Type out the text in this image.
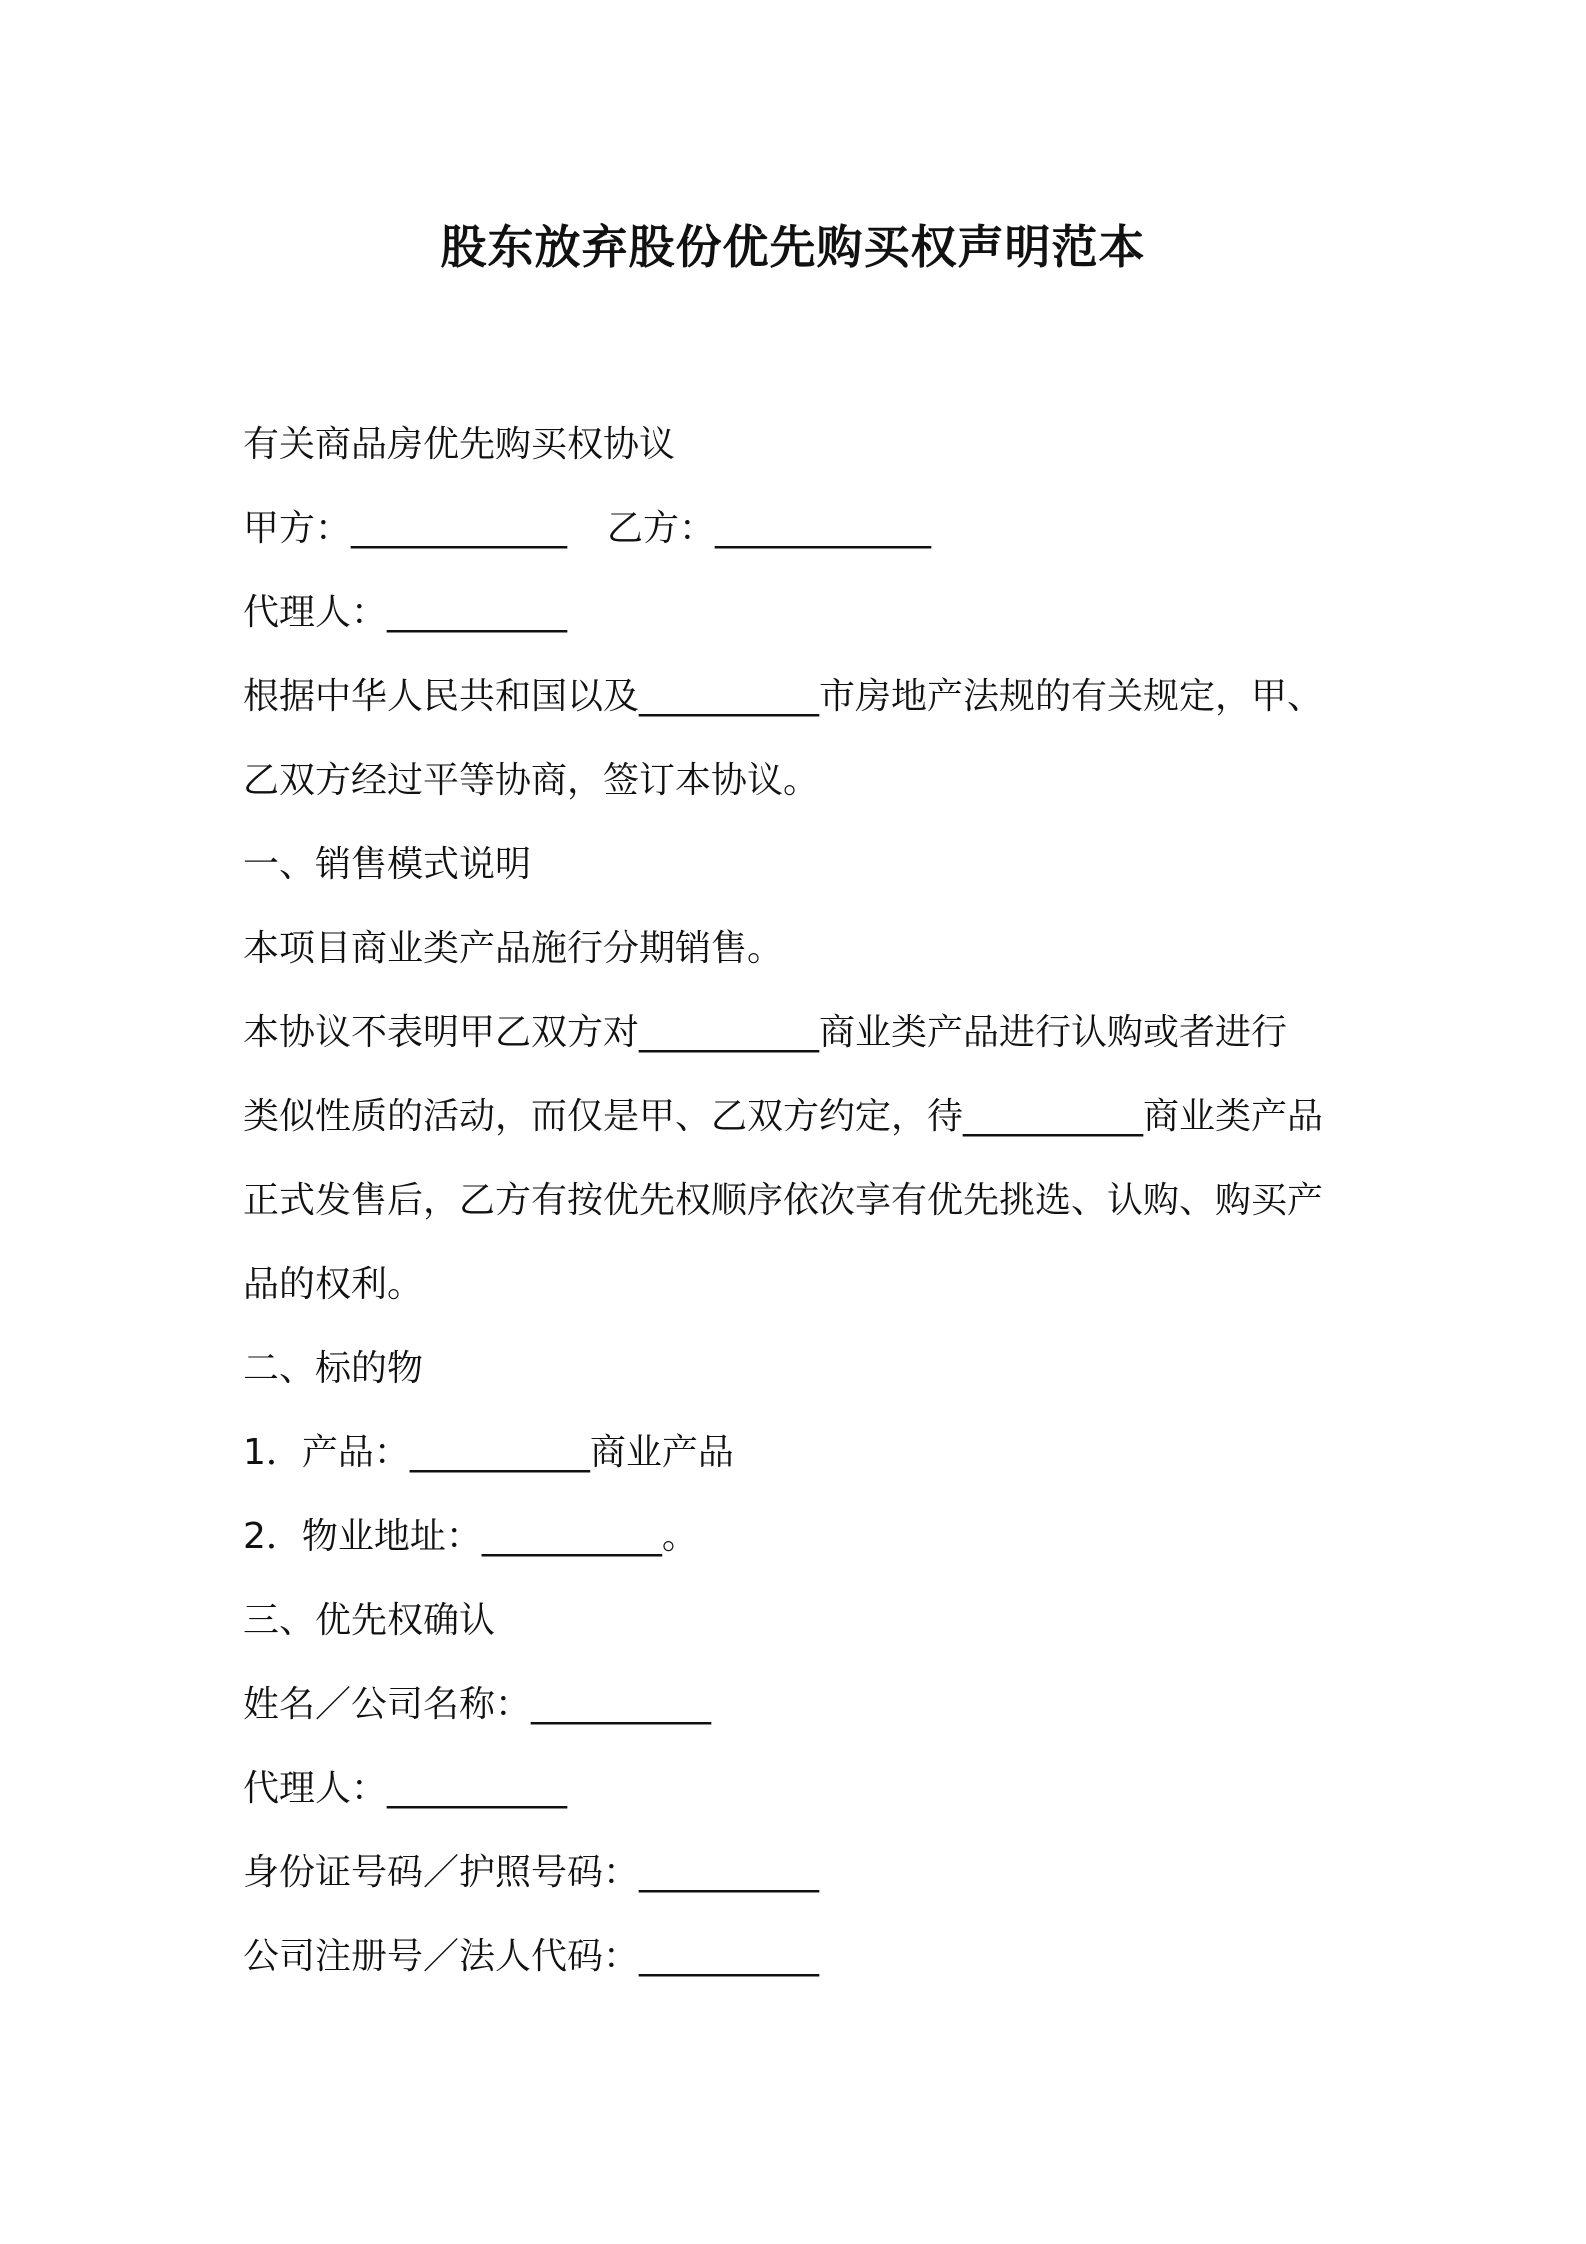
股东放弃股份优先购买权声明范本

有关商品房优先购买权协议

甲方：____________ 乙方：____________

代理人：__________

根据中华人民共和国以及__________市房地产法规的有关规定，甲、

乙双方经过平等协商，签订本协议。

一、销售模式说明

本项目商业类产品施行分期销售。

本协议不表明甲乙双方对__________商业类产品进行认购或者进行

类似性质的活动，而仅是甲、乙双方约定，待__________商业类产品

正式发售后，乙方有按优先权顺序依次享有优先挑选、认购、购买产

品的权利。

二、标的物

1．产品：__________商业产品

2．物业地址：__________。

三、优先权确认

姓名／公司名称：__________

代理人：__________

身份证号码／护照号码：__________

公司注册号／法人代码：__________
